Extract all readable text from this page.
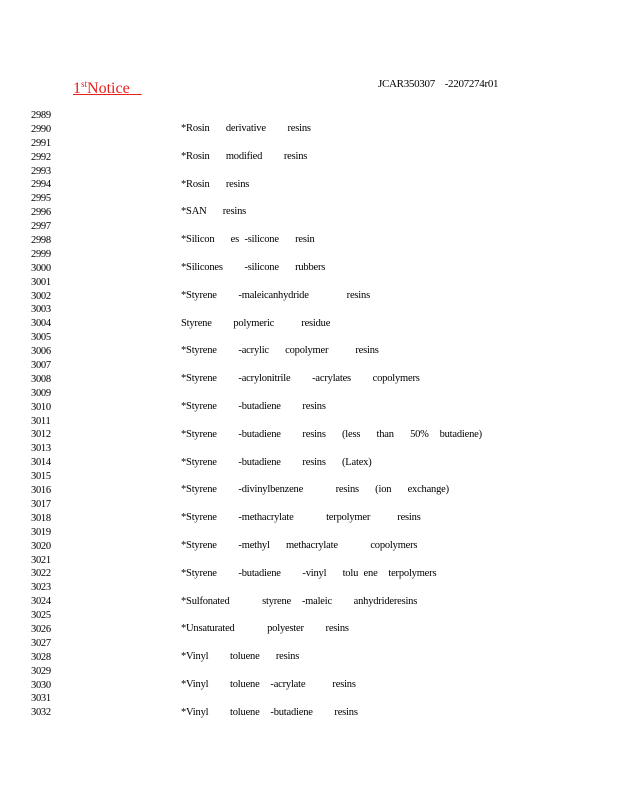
1stNotice	JCAR350307    -2207274r01
2989
2990
2991
2992
2993
2994
2995
2996
2997
2998
2999
3000
3001
3002
3003
3004
3005
3006
3007
3008
3009
3010
3011
3012
3013
3014
3015
3016
3017
3018
3019
3020
3021
3022
3023
3024
3025
3026
3027
3028
3029
3030
3031
3032
*Rosin   derivative    resins
*Rosin   modified    resins
*Rosin   resins
*SAN   resins
*Silicon   es -silicone   resin
*Silicones    -silicone   rubbers
*Styrene    -maleicanhydride       resins
Styrene    polymeric     residue
*Styrene    -acrylic   copolymer     resins
*Styrene    -acrylonitrile    -acrylates    copolymers
*Styrene    -butadiene    resins
*Styrene    -butadiene    resins   (less   than   50%  butadiene)
*Styrene    -butadiene    resins   (Latex)
*Styrene    -divinylbenzene      resins   (ion   exchange)
*Styrene    -methacrylate      terpolymer     resins
*Styrene    -methyl   methacrylate      copolymers
*Styrene    -butadiene    -vinyl   tolu ene  terpolymers
*Sulfonated      styrene  -maleic    anhydrideresins
*Unsaturated      polyester    resins
*Vinyl    toluene   resins
*Vinyl    toluene  -acrylate     resins
*Vinyl    toluene  -butadiene    resins
